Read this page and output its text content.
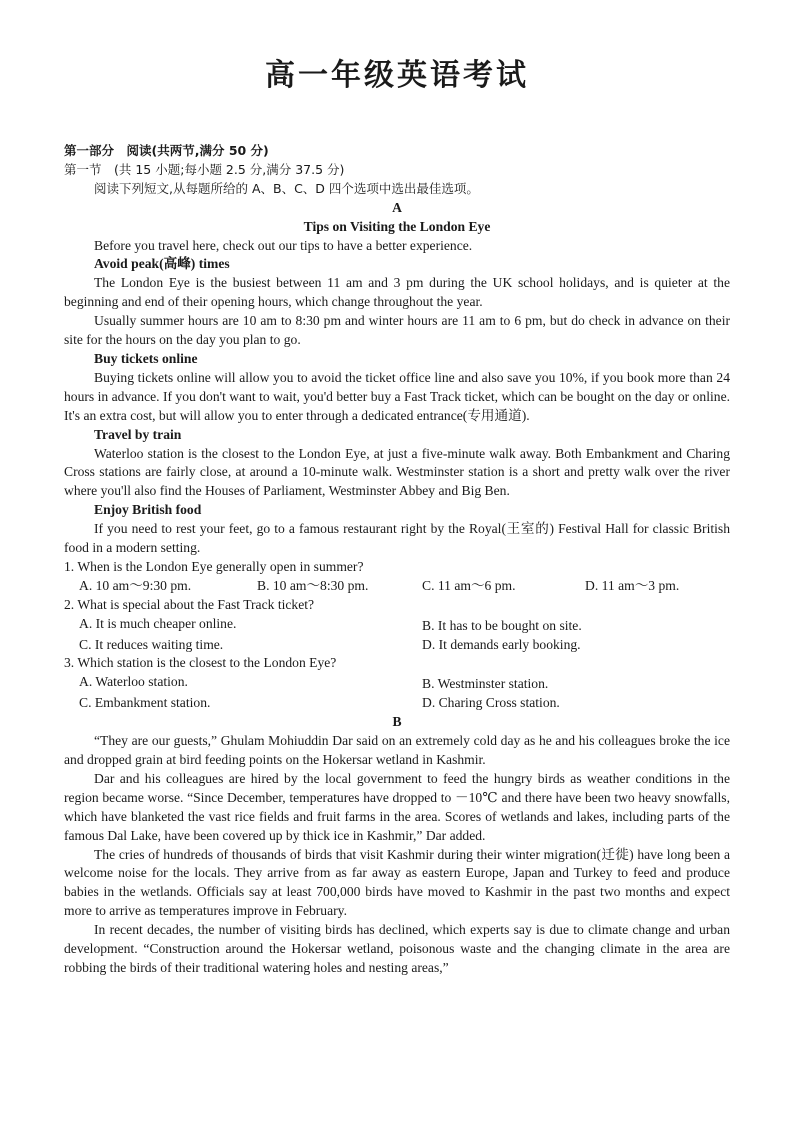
高一年级英语考试
第一部分　阅读(共两节,满分 50 分)
第一节　(共 15 小题;每小题 2.5 分,满分 37.5 分)
阅读下列短文,从每题所给的 A、B、C、D 四个选项中选出最佳选项。
A
Tips on Visiting the London Eye

Before you travel here, check out our tips to have a better experience.

Avoid peak(高峰) times

The London Eye is the busiest between 11 am and 3 pm during the UK school holidays, and is quieter at the beginning and end of their opening hours, which change throughout the year.

Usually summer hours are 10 am to 8:30 pm and winter hours are 11 am to 6 pm, but do check in advance on their site for the hours on the day you plan to go.

Buy tickets online

Buying tickets online will allow you to avoid the ticket office line and also save you 10%, if you book more than 24 hours in advance. If you don't want to wait, you'd better buy a Fast Track ticket, which can be bought on the day or online. It's an extra cost, but will allow you to enter through a dedicated entrance(专用通道).

Travel by train

Waterloo station is the closest to the London Eye, at just a five-minute walk away. Both Embankment and Charing Cross stations are fairly close, at around a 10-minute walk. Westminster station is a short and pretty walk over the river where you'll also find the Houses of Parliament, Westminster Abbey and Big Ben.

Enjoy British food

If you need to rest your feet, go to a famous restaurant right by the Royal(王室的) Festival Hall for classic British food in a modern setting.

1. When is the London Eye generally open in summer?
A. 10 am～9:30 pm.	B. 10 am～8:30 pm.	C. 11 am～6 pm.	D. 11 am～3 pm.
2. What is special about the Fast Track ticket?
A. It is much cheaper online.	B. It has to be bought on site.
C. It reduces waiting time.	D. It demands early booking.
3. Which station is the closest to the London Eye?
A. Waterloo station.	B. Westminster station.
C. Embankment station.	D. Charing Cross station.
B

“They are our guests,” Ghulam Mohiuddin Dar said on an extremely cold day as he and his colleagues broke the ice and dropped grain at bird feeding points on the Hokersar wetland in Kashmir.

Dar and his colleagues are hired by the local government to feed the hungry birds as weather conditions in the region became worse. “Since December, temperatures have dropped to －10℃ and there have been two heavy snowfalls, which have blanketed the vast rice fields and fruit farms in the area. Scores of wetlands and lakes, including parts of the famous Dal Lake, have been covered up by thick ice in Kashmir,” Dar added.

The cries of hundreds of thousands of birds that visit Kashmir during their winter migration(迁徙) have long been a welcome noise for the locals. They arrive from as far away as eastern Europe, Japan and Turkey to feed and produce babies in the wetlands. Officials say at least 700,000 birds have moved to Kashmir in the past two months and expect more to arrive as temperatures improve in February.

In recent decades, the number of visiting birds has declined, which experts say is due to climate change and urban development. “Construction around the Hokersar wetland, poisonous waste and the changing climate in the area are robbing the birds of their traditional watering holes and nesting areas,”
